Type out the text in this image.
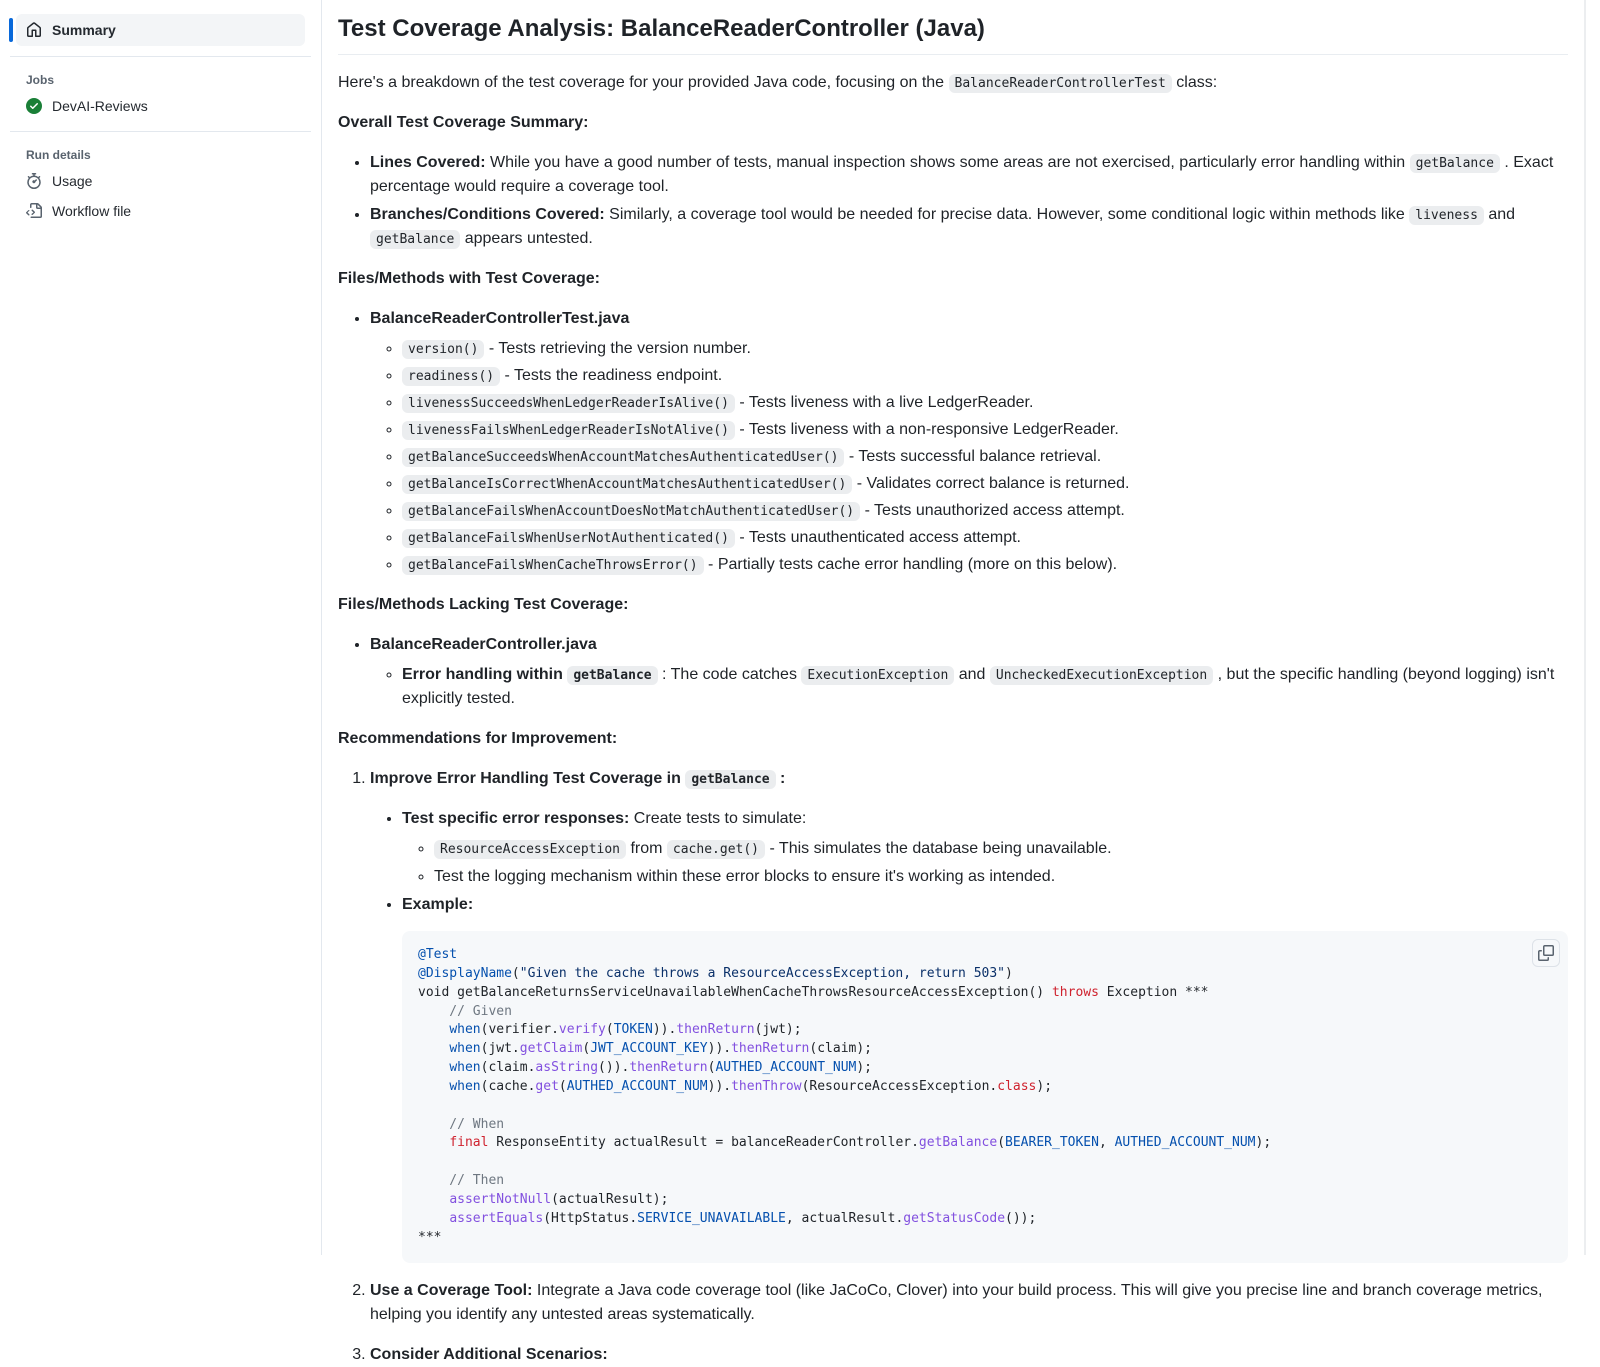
Summary
Jobs
DevAI-Reviews
Run details
Usage
Workflow file
Test Coverage Analysis: BalanceReaderController (Java)

Here's a breakdown of the test coverage for your provided Java code, focusing on the BalanceReaderControllerTest class:

Overall Test Coverage Summary:

• Lines Covered: While you have a good number of tests, manual inspection shows some areas are not exercised, particularly error handling within getBalance . Exact percentage would require a coverage tool.
• Branches/Conditions Covered: Similarly, a coverage tool would be needed for precise data. However, some conditional logic within methods like liveness and getBalance appears untested.

Files/Methods with Test Coverage:

• BalanceReaderControllerTest.java
◦ version() - Tests retrieving the version number.
◦ readiness() - Tests the readiness endpoint.
◦ livenessSucceedsWhenLedgerReaderIsAlive() - Tests liveness with a live LedgerReader.
◦ livenessFailsWhenLedgerReaderIsNotAlive() - Tests liveness with a non-responsive LedgerReader.
◦ getBalanceSucceedsWhenAccountMatchesAuthenticatedUser() - Tests successful balance retrieval.
◦ getBalanceIsCorrectWhenAccountMatchesAuthenticatedUser() - Validates correct balance is returned.
◦ getBalanceFailsWhenAccountDoesNotMatchAuthenticatedUser() - Tests unauthorized access attempt.
◦ getBalanceFailsWhenUserNotAuthenticated() - Tests unauthenticated access attempt.
◦ getBalanceFailsWhenCacheThrowsError() - Partially tests cache error handling (more on this below).

Files/Methods Lacking Test Coverage:

• BalanceReaderController.java
◦ Error handling within getBalance : The code catches ExecutionException and UncheckedExecutionException , but the specific handling (beyond logging) isn't explicitly tested.

Recommendations for Improvement:

1. Improve Error Handling Test Coverage in getBalance :

• Test specific error responses: Create tests to simulate:
◦ ResourceAccessException from cache.get() - This simulates the database being unavailable.
◦ Test the logging mechanism within these error blocks to ensure it's working as intended.
• Example:
@Test
@DisplayName("Given the cache throws a ResourceAccessException, return 503")
void getBalanceReturnsServiceUnavailableWhenCacheThrowsResourceAccessException() throws Exception ***
// Given
when(verifier.verify(TOKEN)).thenReturn(jwt);
when(jwt.getClaim(JWT_ACCOUNT_KEY)).thenReturn(claim);
when(claim.asString()).thenReturn(AUTHED_ACCOUNT_NUM);
when(cache.get(AUTHED_ACCOUNT_NUM)).thenThrow(ResourceAccessException.class);

// When
final ResponseEntity actualResult = balanceReaderController.getBalance(BEARER_TOKEN, AUTHED_ACCOUNT_NUM);

// Then
assertNotNull(actualResult);
assertEquals(HttpStatus.SERVICE_UNAVAILABLE, actualResult.getStatusCode());
***

2. Use a Coverage Tool: Integrate a Java code coverage tool (like JaCoCo, Clover) into your build process. This will give you precise line and branch coverage metrics, helping you identify any untested areas systematically.

3. Consider Additional Scenarios:
